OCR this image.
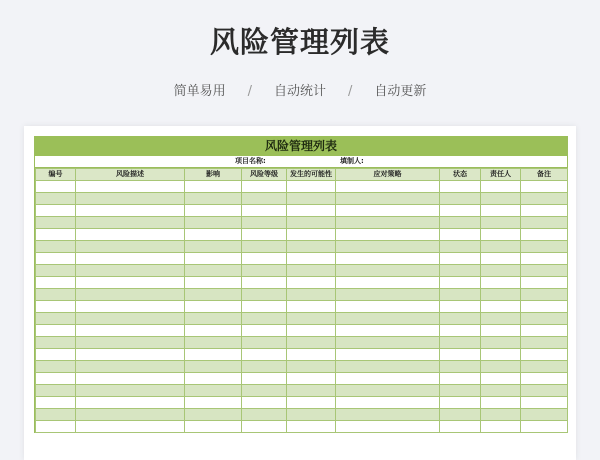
风险管理列表
简单易用 / 自动统计 / 自动更新
风险管理列表
项目名称:	填制人:
编号	风险描述	影响	风险等级	发生的可能性	应对策略	状态	责任人	备注
